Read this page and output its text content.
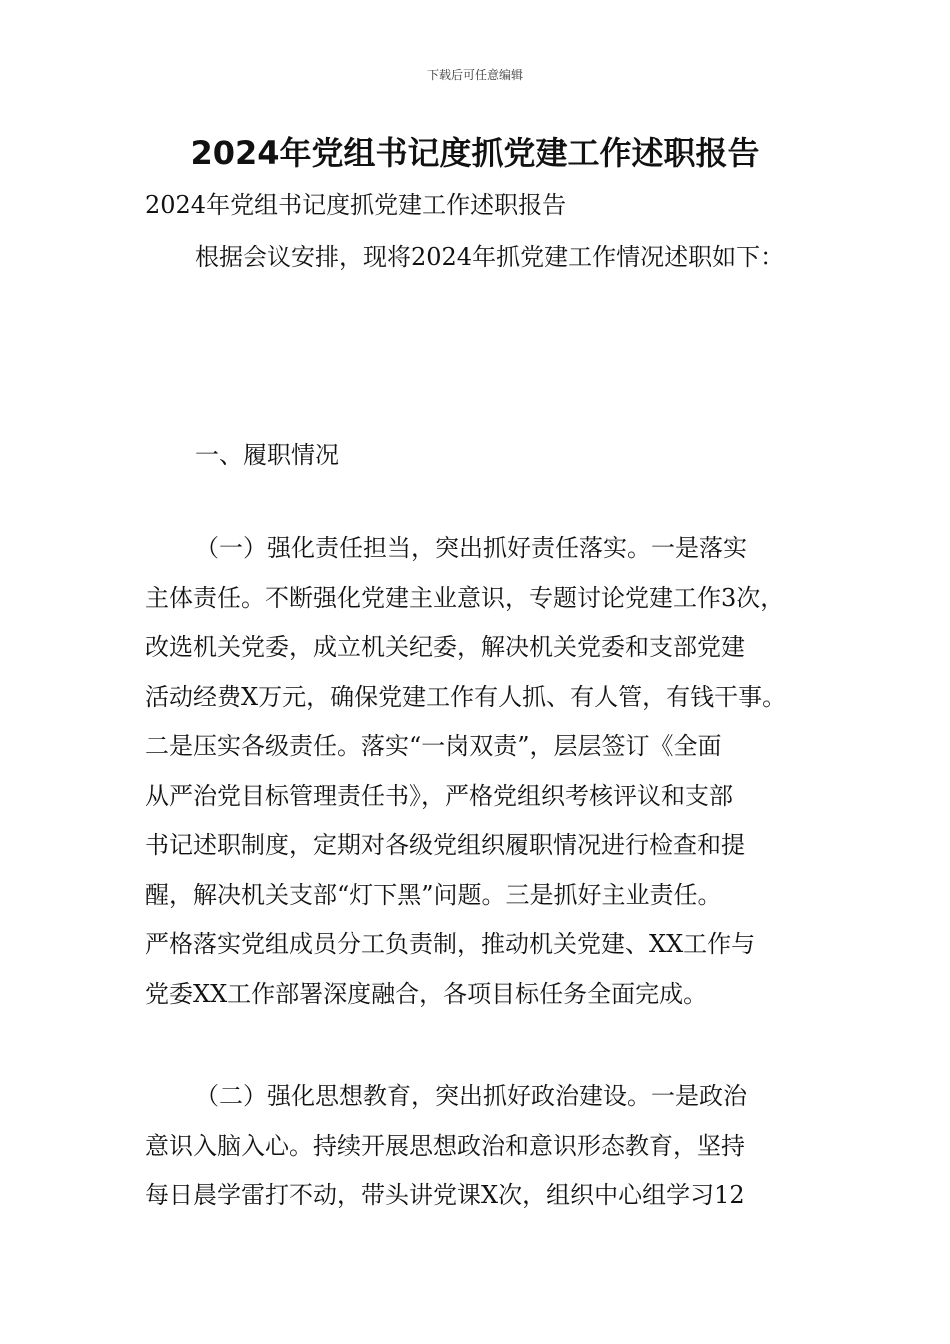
下载后可任意编辑
2024年党组书记度抓党建工作述职报告

2024年党组书记度抓党建工作述职报告

根据会议安排，现将2024年抓党建工作情况述职如下：

一、履职情况

（一）强化责任担当，突出抓好责任落实。一是落实
主体责任。不断强化党建主业意识，专题讨论党建工作3次，
改选机关党委，成立机关纪委，解决机关党委和支部党建
活动经费X万元，确保党建工作有人抓、有人管，有钱干事。
二是压实各级责任。落实“一岗双责”，层层签订《全面
从严治党目标管理责任书》，严格党组织考核评议和支部
书记述职制度，定期对各级党组织履职情况进行检查和提
醒，解决机关支部“灯下黑”问题。三是抓好主业责任。
严格落实党组成员分工负责制，推动机关党建、XX工作与
党委XX工作部署深度融合，各项目标任务全面完成。
（二）强化思想教育，突出抓好政治建设。一是政治
意识入脑入心。持续开展思想政治和意识形态教育，坚持
每日晨学雷打不动，带头讲党课X次，组织中心组学习12
